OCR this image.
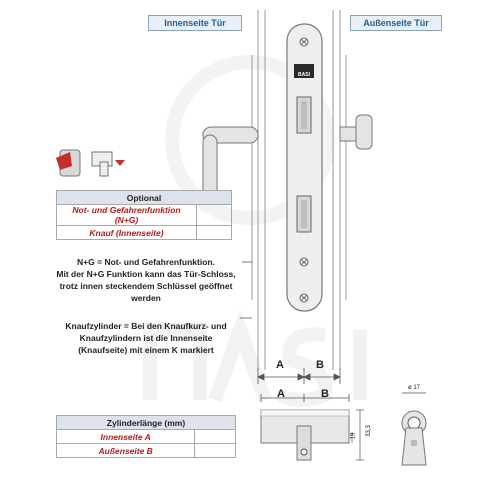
Innenseite Tür	Außenseite Tür
BASI
Optional	
Not- und Gefahrenfunktion (N+G)	
Knauf (Innenseite)	
N+G = Not- und Gefahrenfunktion.
Mit der N+G Funktion kann das Tür-Schloss,
trotz innen steckendem Schlüssel geöffnet
werden
Knaufzylinder = Bei den Knaufkurz- und
Knaufzylindern ist die Innenseite
(Knaufseite) mit einem K markiert
A	B
A	B
33,3
19
ø 17
Zylinderlänge (mm)	
Innenseite A	
Außenseite B	
